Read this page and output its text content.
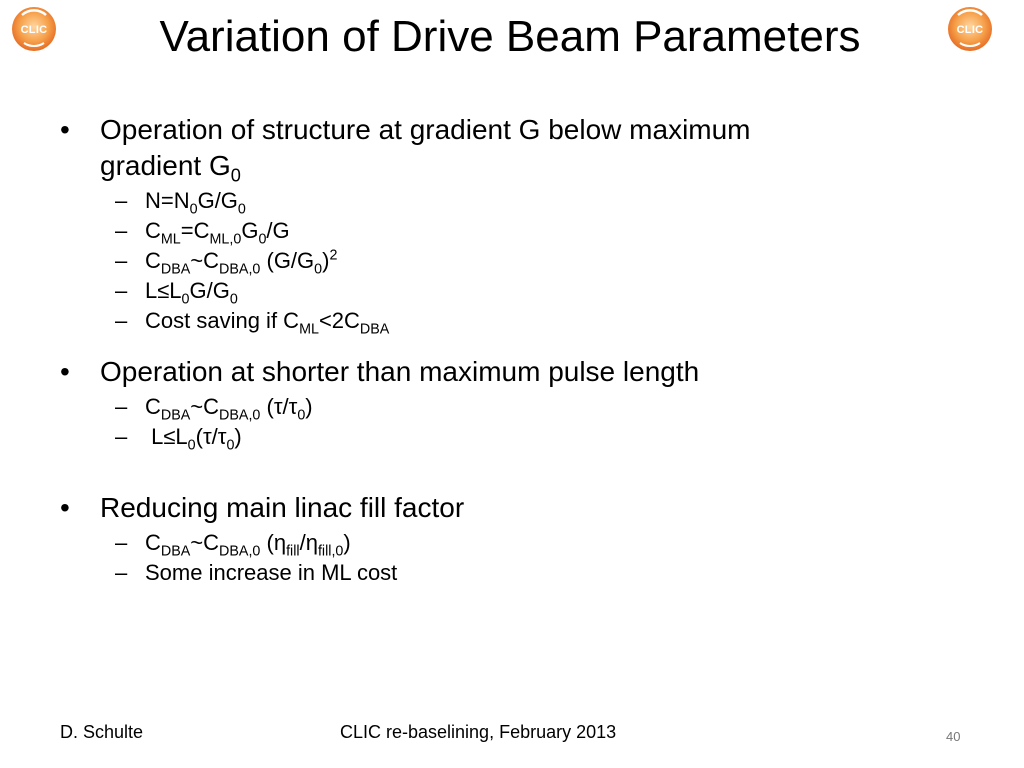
CLIC	CLIC
Variation of Drive Beam Parameters
• Operation of structure at gradient G below maximum
gradient $G_0$
– $N=N_0G/G_0$
– $C_{ML}=C_{ML,0}G_0/G$
– $C_{DBA}\sim C_{DBA,0}$ $(G/G_0)^2$
– $L\le L_0G/G_0$
– Cost saving if $C_{ML}<2C_{DBA}$
• Operation at shorter than maximum pulse length
– $C_{DBA}\sim C_{DBA,0}$ $(\tau/\tau_0)$
– $L\le L_0(\tau/\tau_0)$
• Reducing main linac fill factor
– $C_{DBA}\sim C_{DBA,0}$ $(\eta_{fill}/\eta_{fill,0})$
– Some increase in ML cost
D. Schulte	CLIC re-baselining, February 2013	40
